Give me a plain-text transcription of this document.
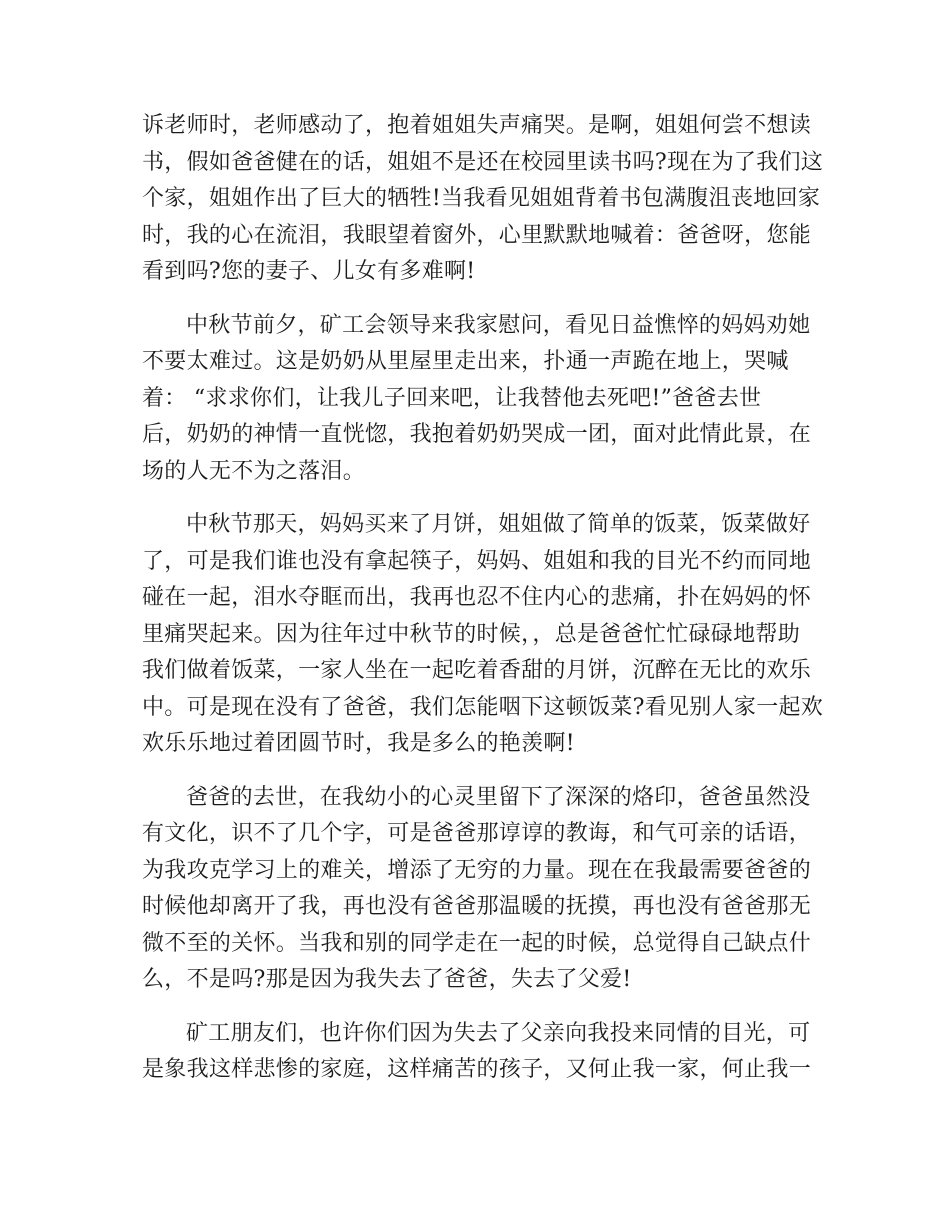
诉老师时，老师感动了，抱着姐姐失声痛哭。是啊，姐姐何尝不想读
书，假如爸爸健在的话，姐姐不是还在校园里读书吗?现在为了我们这
个家，姐姐作出了巨大的牺牲!当我看见姐姐背着书包满腹沮丧地回家
时，我的心在流泪，我眼望着窗外，心里默默地喊着：爸爸呀，您能
看到吗?您的妻子、儿女有多难啊!
中秋节前夕，矿工会领导来我家慰问，看见日益憔悴的妈妈劝她
不要太难过。这是奶奶从里屋里走出来，扑通一声跪在地上，哭喊
着： “求求你们，让我儿子回来吧，让我替他去死吧!”爸爸去世
后，奶奶的神情一直恍惚，我抱着奶奶哭成一团，面对此情此景，在
场的人无不为之落泪。
中秋节那天，妈妈买来了月饼，姐姐做了简单的饭菜，饭菜做好
了，可是我们谁也没有拿起筷子，妈妈、姐姐和我的目光不约而同地
碰在一起，泪水夺眶而出，我再也忍不住内心的悲痛，扑在妈妈的怀
里痛哭起来。因为往年过中秋节的时候，，总是爸爸忙忙碌碌地帮助
我们做着饭菜，一家人坐在一起吃着香甜的月饼，沉醉在无比的欢乐
中。可是现在没有了爸爸，我们怎能咽下这顿饭菜?看见别人家一起欢
欢乐乐地过着团圆节时，我是多么的艳羡啊!
爸爸的去世，在我幼小的心灵里留下了深深的烙印，爸爸虽然没
有文化，识不了几个字，可是爸爸那谆谆的教诲，和气可亲的话语，
为我攻克学习上的难关，增添了无穷的力量。现在在我最需要爸爸的
时候他却离开了我，再也没有爸爸那温暖的抚摸，再也没有爸爸那无
微不至的关怀。当我和别的同学走在一起的时候，总觉得自己缺点什
么，不是吗?那是因为我失去了爸爸，失去了父爱!
矿工朋友们，也许你们因为失去了父亲向我投来同情的目光，可
是象我这样悲惨的家庭，这样痛苦的孩子，又何止我一家，何止我一
